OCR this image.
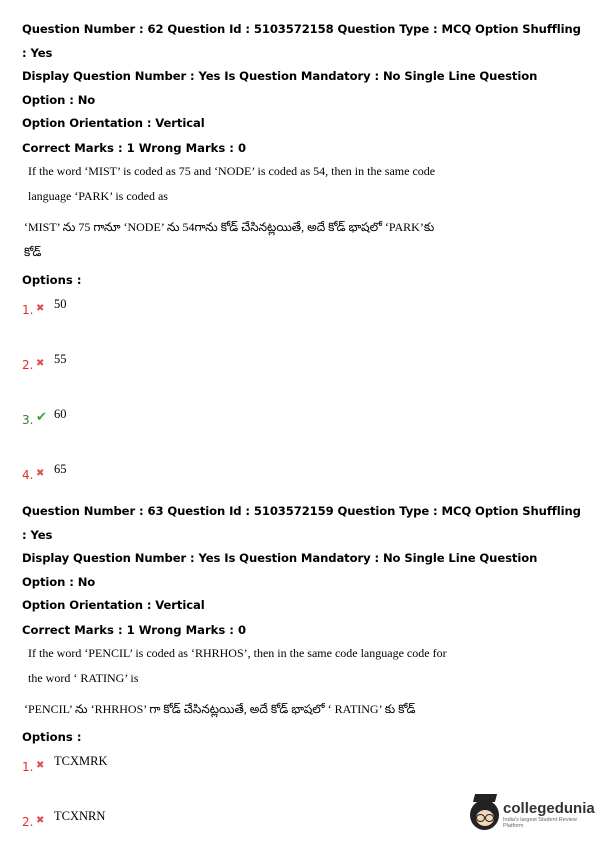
Question Number : 62 Question Id : 5103572158 Question Type : MCQ Option Shuffling : Yes
Display Question Number : Yes Is Question Mandatory : No Single Line Question Option : No
Option Orientation : Vertical
Correct Marks : 1 Wrong Marks : 0
If the word ‘MIST’ is coded as 75 and ‘NODE’ is coded as 54, then in the same code
language ‘PARK’ is coded as
‘MIST’ ను 75 గానూ ‘NODE’ ను 54గాను కోడ్ చేసినట్లయితే, అదే కోడ్ భాషలో ‘PARK’కు
కోడ్
Options :
1. ✖ 50
2. ✖ 55
3. ✔ 60
4. ✖ 65
Question Number : 63 Question Id : 5103572159 Question Type : MCQ Option Shuffling : Yes
Display Question Number : Yes Is Question Mandatory : No Single Line Question Option : No
Option Orientation : Vertical
Correct Marks : 1 Wrong Marks : 0
If the word ‘PENCIL’ is coded as ‘RHRHOS’, then in the same code language code for
the word ‘ RATING’ is
‘PENCIL’ ను ‘RHRHOS’ గా కోడ్ చేసినట్లయితే, అదే కోడ్ భాషలో ‘ RATING’ కు కోడ్
Options :
1. ✖ TCXMRK
2. ✖ TCXNRN	collegedunia
India's largest Student Review Platform
